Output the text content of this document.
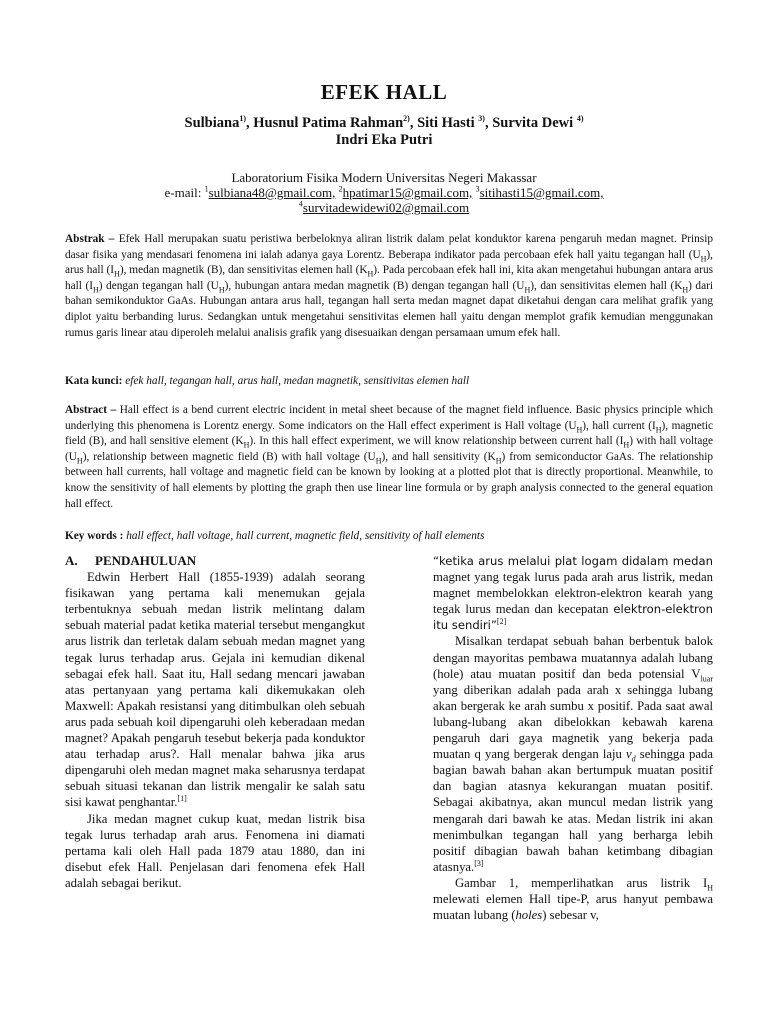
EFEK HALL
Sulbiana$^{1)}$, Husnul Patima Rahman$^{2)}$, Siti Hasti $^{3)}$, Survita Dewi $^{4)}$
Indri Eka Putri
Laboratorium Fisika Modern Universitas Negeri Makassar
e-mail: $^1$sulbiana48@gmail.com, $^2$hpatimar15@gmail.com, $^3$sitihasti15@gmail.com,
$^4$survitadewidewi02@gmail.com
Abstrak – Efek Hall merupakan suatu peristiwa berbeloknya aliran listrik dalam pelat konduktor karena pengaruh medan magnet. Prinsip dasar fisika yang mendasari fenomena ini ialah adanya gaya Lorentz. Beberapa indikator pada percobaan efek hall yaitu tegangan hall $(U_H)$, arus hall $(I_H)$, medan magnetik (B), dan sensitivitas elemen hall $(K_H)$. Pada percobaan efek hall ini, kita akan mengetahui hubungan antara arus hall $(I_H)$ dengan tegangan hall $(U_H)$, hubungan antara medan magnetik (B) dengan tegangan hall $(U_H)$, dan sensitivitas elemen hall $(K_H)$ dari bahan semikonduktor GaAs. Hubungan antara arus hall, tegangan hall serta medan magnet dapat diketahui dengan cara melihat grafik yang diplot yaitu berbanding lurus. Sedangkan untuk mengetahui sensitivitas elemen hall yaitu dengan memplot grafik kemudian menggunakan rumus garis linear atau diperoleh melalui analisis grafik yang disesuaikan dengan persamaan umum efek hall.
Kata kunci: efek hall, tegangan hall, arus hall, medan magnetik, sensitivitas elemen hall
Abstract – Hall effect is a bend current electric incident in metal sheet because of the magnet field influence. Basic physics principle which underlying this phenomena is Lorentz energy. Some indicators on the Hall effect experiment is Hall voltage $(U_H)$, hall current $(I_H)$, magnetic field (B), and hall sensitive element $(K_H)$. In this hall effect experiment, we will know relationship between current hall $(I_H)$ with hall voltage $(U_H)$, relationship between magnetic field (B) with hall voltage $(U_H)$, and hall sensitivity $(K_H)$ from semiconductor GaAs. The relationship between hall currents, hall voltage and magnetic field can be known by looking at a plotted plot that is directly proportional. Meanwhile, to know the sensitivity of hall elements by plotting the graph then use linear line formula or by graph analysis connected to the general equation hall effect.
Key words : hall effect, hall voltage, hall current, magnetic field, sensitivity of hall elements
A. PENDAHULUAN

Edwin Herbert Hall (1855-1939) adalah seorang fisikawan yang pertama kali menemukan gejala terbentuknya sebuah medan listrik melintang dalam sebuah material padat ketika material tersebut mengangkut arus listrik dan terletak dalam sebuah medan magnet yang tegak lurus terhadap arus. Gejala ini kemudian dikenal sebagai efek hall. Saat itu, Hall sedang mencari jawaban atas pertanyaan yang pertama kali dikemukakan oleh Maxwell: Apakah resistansi yang ditimbulkan oleh sebuah arus pada sebuah koil dipengaruhi oleh keberadaan medan magnet? Apakah pengaruh tesebut bekerja pada konduktor atau terhadap arus?. Hall menalar bahwa jika arus dipengaruhi oleh medan magnet maka seharusnya terdapat sebuah situasi tekanan dan listrik mengalir ke salah satu sisi kawat penghantar.[1]

Jika medan magnet cukup kuat, medan listrik bisa tegak lurus terhadap arah arus. Fenomena ini diamati pertama kali oleh Hall pada 1879 atau 1880, dan ini disebut efek Hall. Penjelasan dari fenomena efek Hall adalah sebagai berikut.

“ketika arus melalui plat logam didalam medan magnet yang tegak lurus pada arah arus listrik, medan magnet membelokkan elektron-elektron kearah yang tegak lurus medan dan kecepatan elektron-elektron itu sendiri”[2]

Misalkan terdapat sebuah bahan berbentuk balok dengan mayoritas pembawa muatannya adalah lubang (hole) atau muatan positif dan beda potensial $V_{luar}$ yang diberikan adalah pada arah x sehingga lubang akan bergerak ke arah sumbu x positif. Pada saat awal lubang-lubang akan dibelokkan kebawah karena pengaruh dari gaya magnetik yang bekerja pada muatan q yang bergerak dengan laju $v_d$ sehingga pada bagian bawah bahan akan bertumpuk muatan positif dan bagian atasnya kekurangan muatan positif. Sebagai akibatnya, akan muncul medan listrik yang mengarah dari bawah ke atas. Medan listrik ini akan menimbulkan tegangan hall yang berharga lebih positif dibagian bawah bahan ketimbang dibagian atasnya.[3]

Gambar 1, memperlihatkan arus listrik $I_H$ melewati elemen Hall tipe-P, arus hanyut pembawa muatan lubang (holes) sebesar v,
